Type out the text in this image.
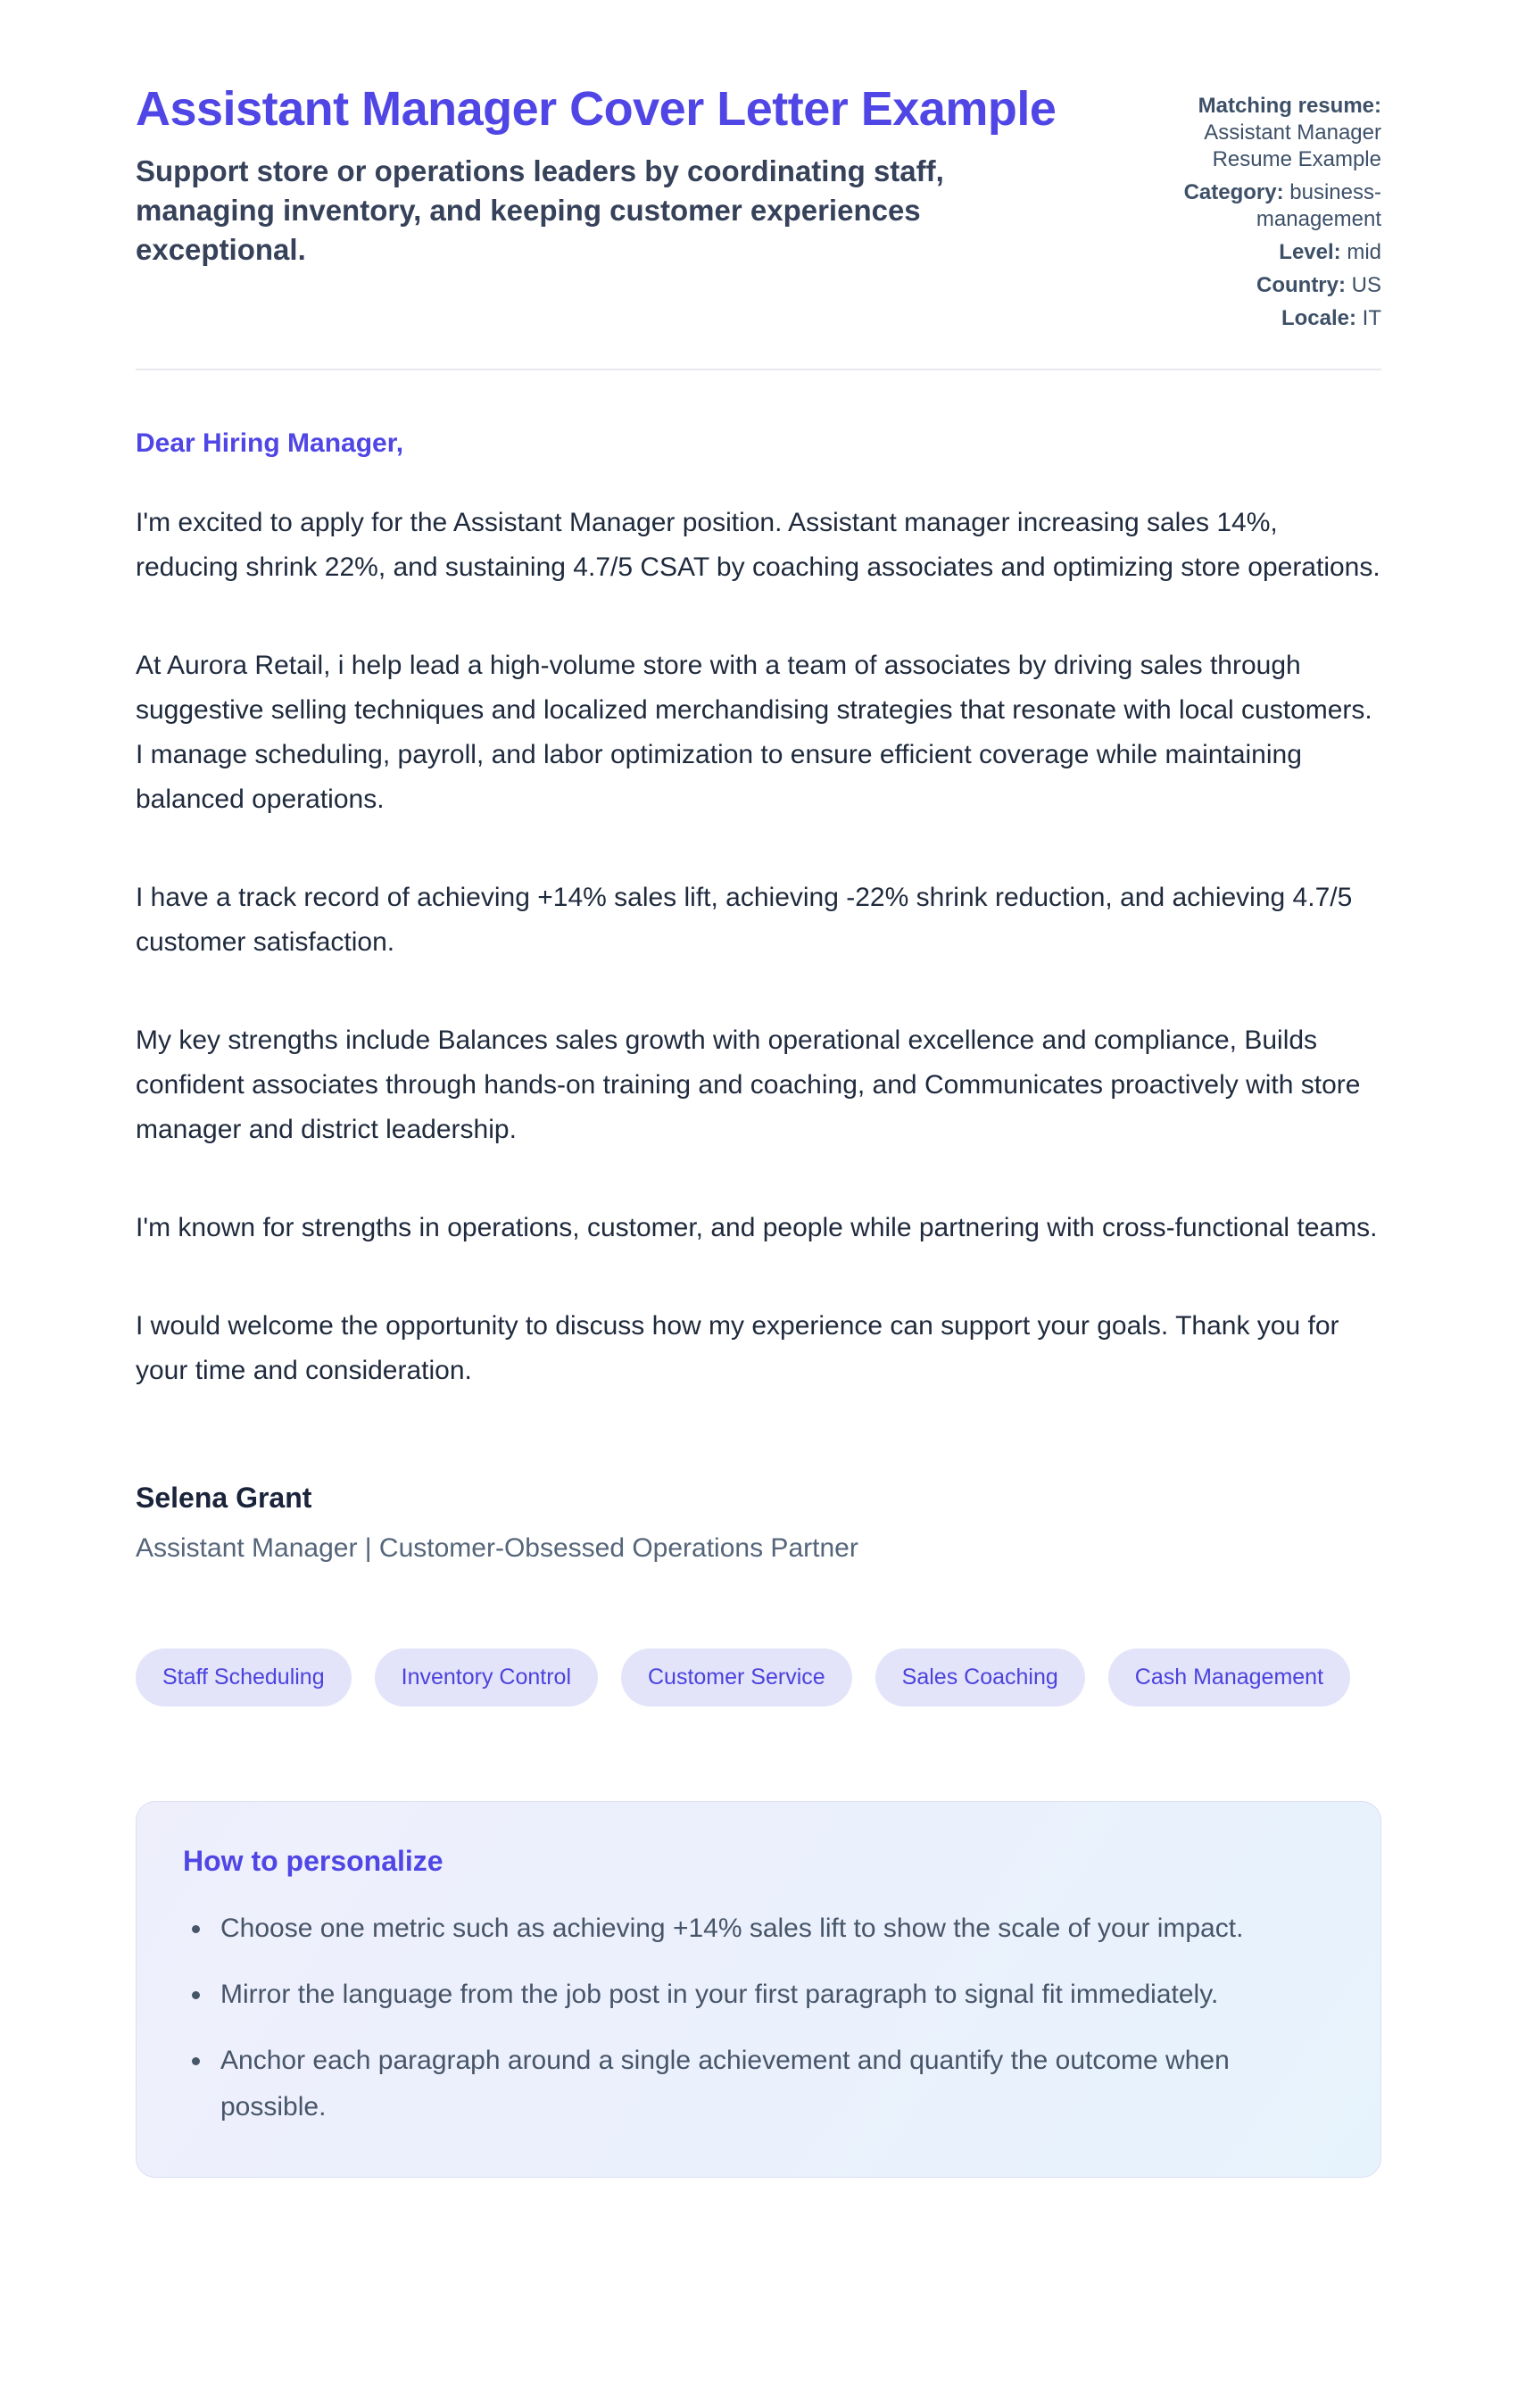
Assistant Manager Cover Letter Example

Support store or operations leaders by coordinating staff, managing inventory, and keeping customer experiences exceptional.

Matching resume: Assistant Manager Resume Example
Category: business-management
Level: mid
Country: US
Locale: IT

Dear Hiring Manager,

I'm excited to apply for the Assistant Manager position. Assistant manager increasing sales 14%, reducing shrink 22%, and sustaining 4.7/5 CSAT by coaching associates and optimizing store operations.

At Aurora Retail, i help lead a high-volume store with a team of associates by driving sales through suggestive selling techniques and localized merchandising strategies that resonate with local customers. I manage scheduling, payroll, and labor optimization to ensure efficient coverage while maintaining balanced operations.

I have a track record of achieving +14% sales lift, achieving -22% shrink reduction, and achieving 4.7/5 customer satisfaction.

My key strengths include Balances sales growth with operational excellence and compliance, Builds confident associates through hands-on training and coaching, and Communicates proactively with store manager and district leadership.

I'm known for strengths in operations, customer, and people while partnering with cross-functional teams.

I would welcome the opportunity to discuss how my experience can support your goals. Thank you for your time and consideration.

Selena Grant

Assistant Manager | Customer-Obsessed Operations Partner

Staff Scheduling	Inventory Control	Customer Service	Sales Coaching	Cash Management
How to personalize
• Choose one metric such as achieving +14% sales lift to show the scale of your impact.
• Mirror the language from the job post in your first paragraph to signal fit immediately.
• Anchor each paragraph around a single achievement and quantify the outcome when possible.
